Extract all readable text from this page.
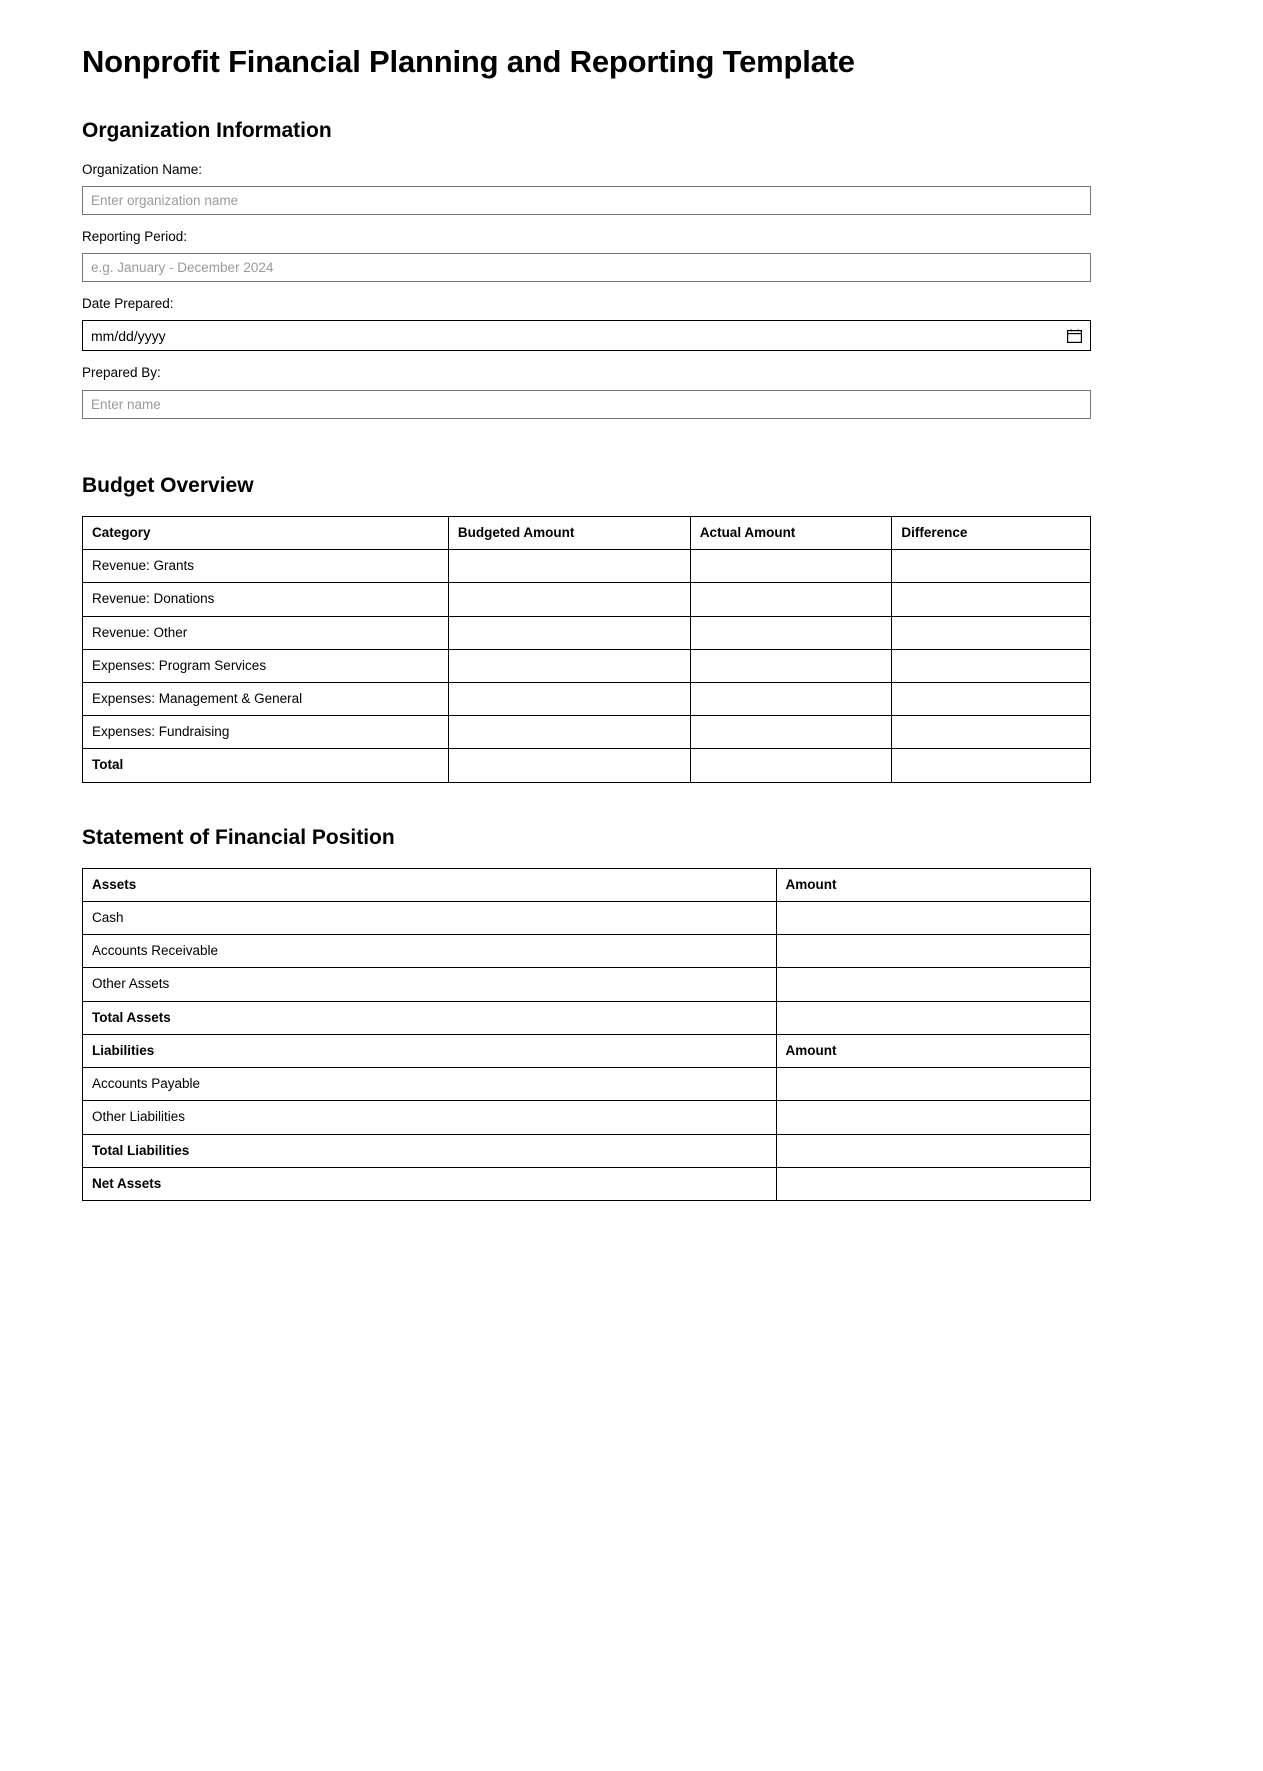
Nonprofit Financial Planning and Reporting Template
Organization Information
Organization Name:
Enter organization name
Reporting Period:
e.g. January - December 2024
Date Prepared:
mm/dd/yyyy
Prepared By:
Enter name
Budget Overview
Category	Budgeted Amount	Actual Amount	Difference
Revenue: Grants			
Revenue: Donations			
Revenue: Other			
Expenses: Program Services			
Expenses: Management & General			
Expenses: Fundraising			
Total			
Statement of Financial Position
Assets	Amount
Cash	
Accounts Receivable	
Other Assets	
Total Assets	
Liabilities	Amount
Accounts Payable	
Other Liabilities	
Total Liabilities	
Net Assets	
